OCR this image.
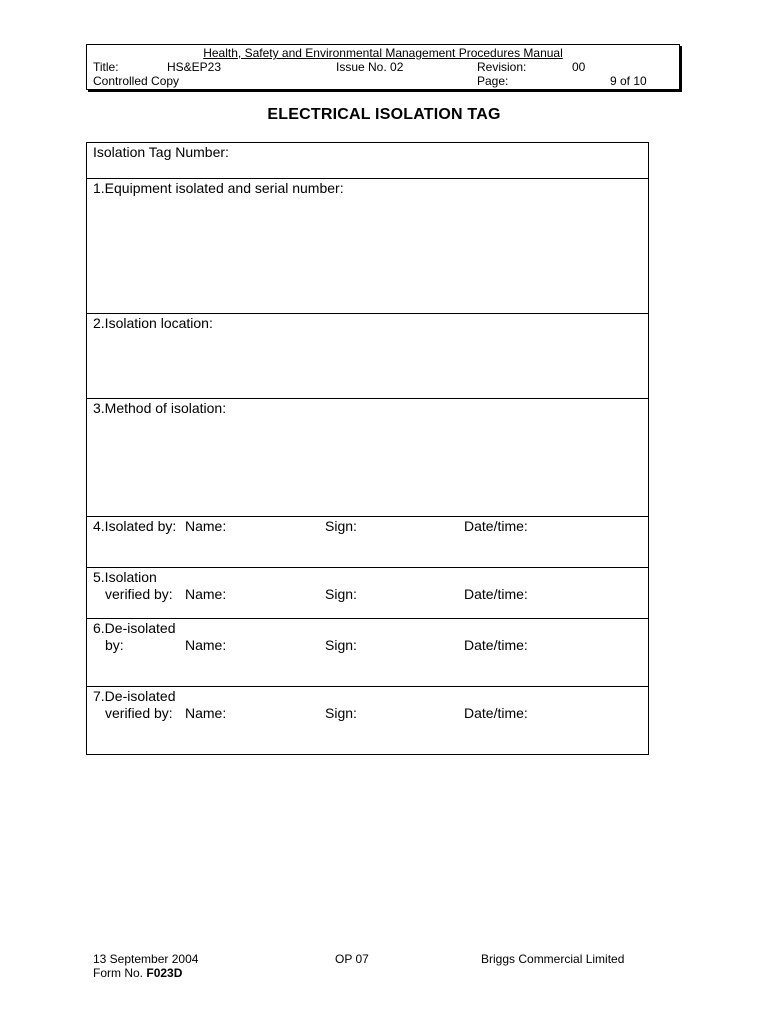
Health, Safety and Environmental Management Procedures Manual
Title:	HS&EP23	Issue No. 02	Revision:	00
Controlled Copy	Page:	9 of 10
ELECTRICAL ISOLATION TAG
Isolation Tag Number:
1.Equipment isolated and serial number:
2.Isolation location:
3.Method of isolation:
4.Isolated by: Name:	Sign:	Date/time:
5.Isolation
verified by: Name:	Sign:	Date/time:
6.De-isolated
by:	Name:	Sign:	Date/time:
7.De-isolated
verified by: Name:	Sign:	Date/time:
13 September 2004
Form No. F023D
OP 07	Briggs Commercial Limited
